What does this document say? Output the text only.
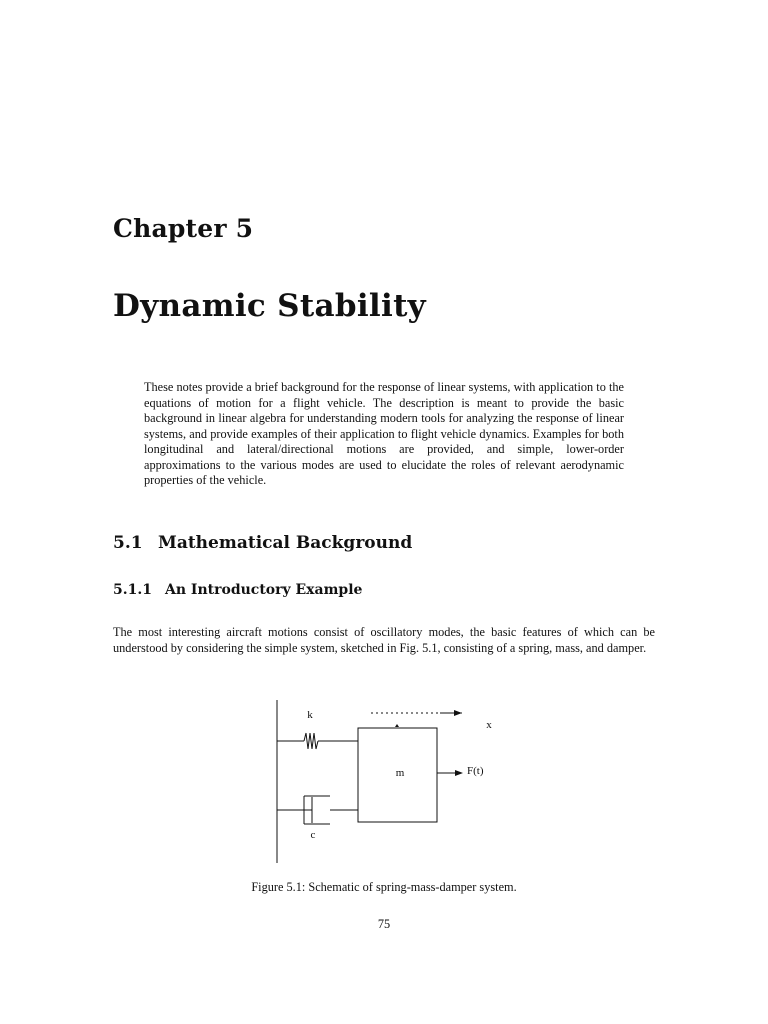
Chapter 5
Dynamic Stability

These notes provide a brief background for the response of linear systems, with application to the equations of motion for a flight vehicle. The description is meant to provide the basic background in linear algebra for understanding modern tools for analyzing the response of linear systems, and provide examples of their application to flight vehicle dynamics. Examples for both longitudinal and lateral/directional motions are provided, and simple, lower-order approximations to the various modes are used to elucidate the roles of relevant aerodynamic properties of the vehicle.

5.1 Mathematical Background
5.1.1 An Introductory Example

The most interesting aircraft motions consist of oscillatory modes, the basic features of which can be understood by considering the simple system, sketched in Fig. 5.1, consisting of a spring, mass, and damper.

k
c
m	F(t)
x

Figure 5.1: Schematic of spring-mass-damper system.

75
